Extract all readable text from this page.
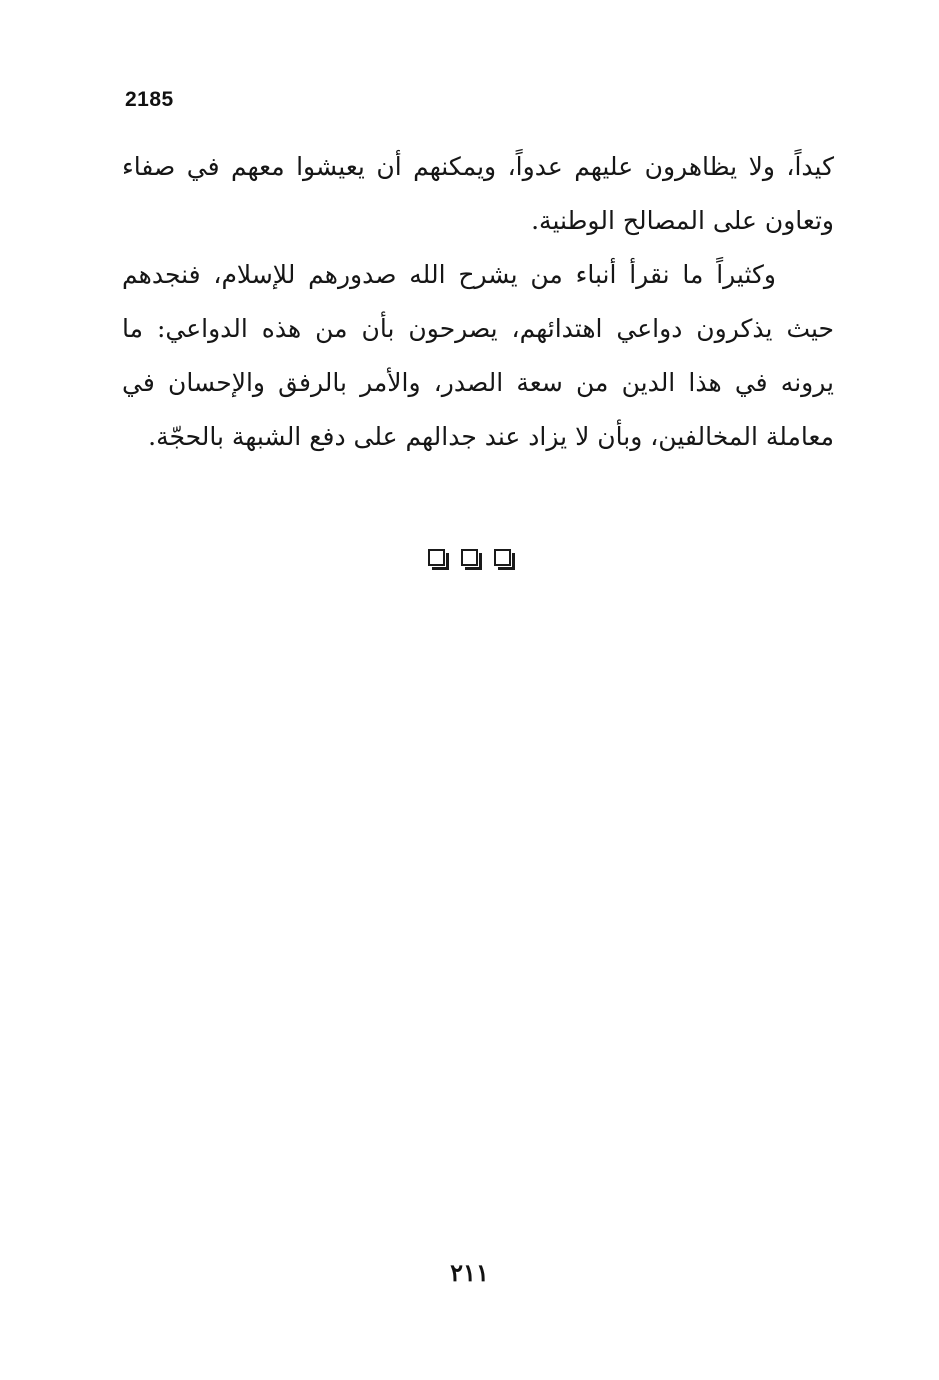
2185

كيداً، ولا يظاهرون عليهم عدواً، ويمكنهم أن يعيشوا معهم في صفاء وتعاون على المصالح الوطنية.

وكثيراً ما نقرأ أنباء من يشرح الله صدورهم للإسلام، فنجدهم حيث يذكرون دواعي اهتدائهم، يصرحون بأن من هذه الدواعي: ما يرونه في هذا الدين من سعة الصدر، والأمر بالرفق والإحسان في معاملة المخالفين، وبأن لا يزاد عند جدالهم على دفع الشبهة بالحجّة.

٢١١
